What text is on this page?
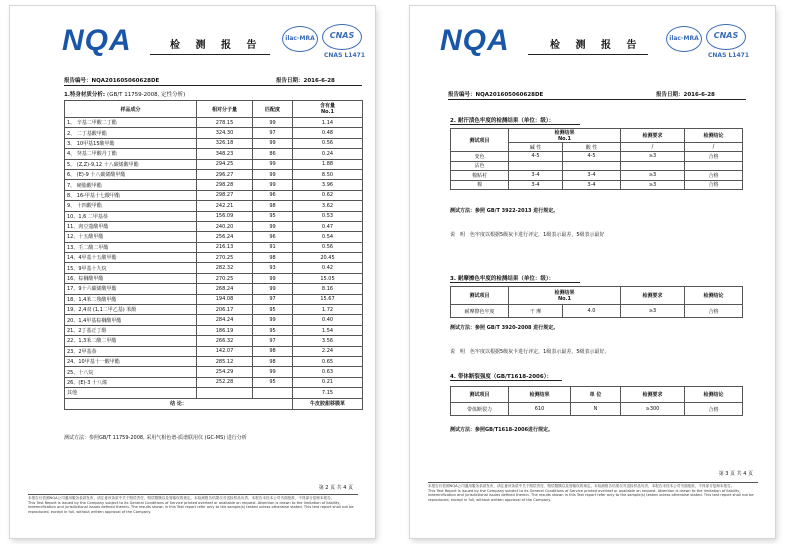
NQA	检 测 报 告
ilac-MRA	CNAS
CNAS L1471
报告编号：NQA201605060628DE	报告日期：2016-6-28
1.特身材质分析: (GB/T 11759-2008, 定性分析)
样品成分	相对分子量	匹配度	含有量
No.1
1、 辛基二甲酸二丁酯	278.15	99	1.14
2、 二丁基酸甲酯	324.30	97	0.48
3、 10甲基15酸甲酯	326.18	99	0.56
4、 癸基二甲酸丹丁酯	348.23	86	0.24
5、 (Z,Z)-9,12 十八碳烯酸甲酯	294.25	99	1.88
6、 (E)-9 十八碳烯酸甲酯	296.27	99	8.50
7、 硬脂酸甲酯	298.28	99	3.96
8、 16-甲基十七酸甲酯	298.27	96	0.62
9、 十四酸甲酯	242.21	98	3.62
10、1,6 二甲基萘	156.09	95	0.53
11、肉豆蔻酸甲酯	240.20	99	0.47
12、十五酸甲酯	256.24	96	0.54
13、壬二酸二甲酯	216.13	91	0.56
14、4甲基十五酸甲酯	270.25	98	20.45
15、9甲基十九烷	282.32	93	0.42
16、棕榈酸甲酯	270.25	99	15.05
17、9十六碳烯酸甲酯	268.24	99	8.16
18、1,4苯二羧酸甲酯	194.08	97	15.67
19、2,4双 (1,1二甲乙基) 苯酚	206.17	95	1.72
20、1,4甲基棕榈酸甲酯	284.24	99	0.40
21、2丁基正丁醇	186.19	95	1.54
22、1,3苯二酸二甲酯	266.32	97	3.56
23、2甲基萘	142.07	98	2.24
24、10甲基十一酸甲酯	285.12	98	0.65
25、十八烷	254.29	99	0.63
26、(E)-3 十八烯	252.28	95	0.21
其他			7.15
结 论：			牛皮胶甜移膜革
测试方法：参照GB/T 11759-2008, 采用气相色谱-质谱联用仪 (GC-MS) 进行分析
第 2 页 共 4 页
本报告仅依照NQA公司通用服务条款发布，请注意该条款中关于赔偿责任、赔偿限额以及管辖权的规定。本检测报告结果仅对送检样品负责，本报告未经本公司书面批准，不得部分复制本报告。
This Test Report is issued by the Company subject to its General Conditions of Service printed overleaf or available on request. Attention is drawn to the limitation of liability, indemnification and jurisdictional issues defined therein. The results shown in this Test report refer only to the sample(s) tested unless otherwise stated. This test report shall not be reproduced, except in full, without written approval of the Company.
NQA	检 测 报 告
ilac-MRA	CNAS
CNAS L1471
报告编号：NQA201605060628DE	报告日期：2016-6-28
2. 耐汗渍色牢度的检测结果（单位：级）：
测试项目	检测结果
No.1		检测要求	检测结论
	碱 性	酸 性	/	/
变色	4-5	4-5	≥3	合格
沾色				
棉贴衬	3-4	3-4	≥3	合格
棉	3-4	3-4	≥3	合格
测试方法：参照 GB/T 3922-2013 进行规定。
说　明　色牢度以根据5级灰卡进行评定，1级表示最差，5级表示最好
3. 耐摩擦色牢度的检测结果（单位：级）：
测试项目	检测结果
No.1		检测要求	检测结论
耐摩擦色牢度	干 摩	4.0	≥3	合格
测试方法：参照 GB/T 3920-2008 进行规定。
说　明　色牢度以根据5级灰卡进行评定，1级表示最差，5级表示最好。
4. 带体断裂强度（GB/T1618-2006）：
测试项目	检测结果	单 位	检测要求	检测结论
带体断裂力	610	N	≥300	合格
测试方法：参照GB/T1618-2006进行规定。
第 3 页 共 4 页
本报告仅依照NQA公司通用服务条款发布，请注意该条款中关于赔偿责任、赔偿限额以及管辖权的规定。本检测报告结果仅对送检样品负责，本报告未经本公司书面批准，不得部分复制本报告。
This Test Report is issued by the Company subject to its General Conditions of Service printed overleaf or available on request. Attention is drawn to the limitation of liability, indemnification and jurisdictional issues defined therein. The results shown in this Test report refer only to the sample(s) tested unless otherwise stated. This test report shall not be reproduced, except in full, without written approval of the Company.
